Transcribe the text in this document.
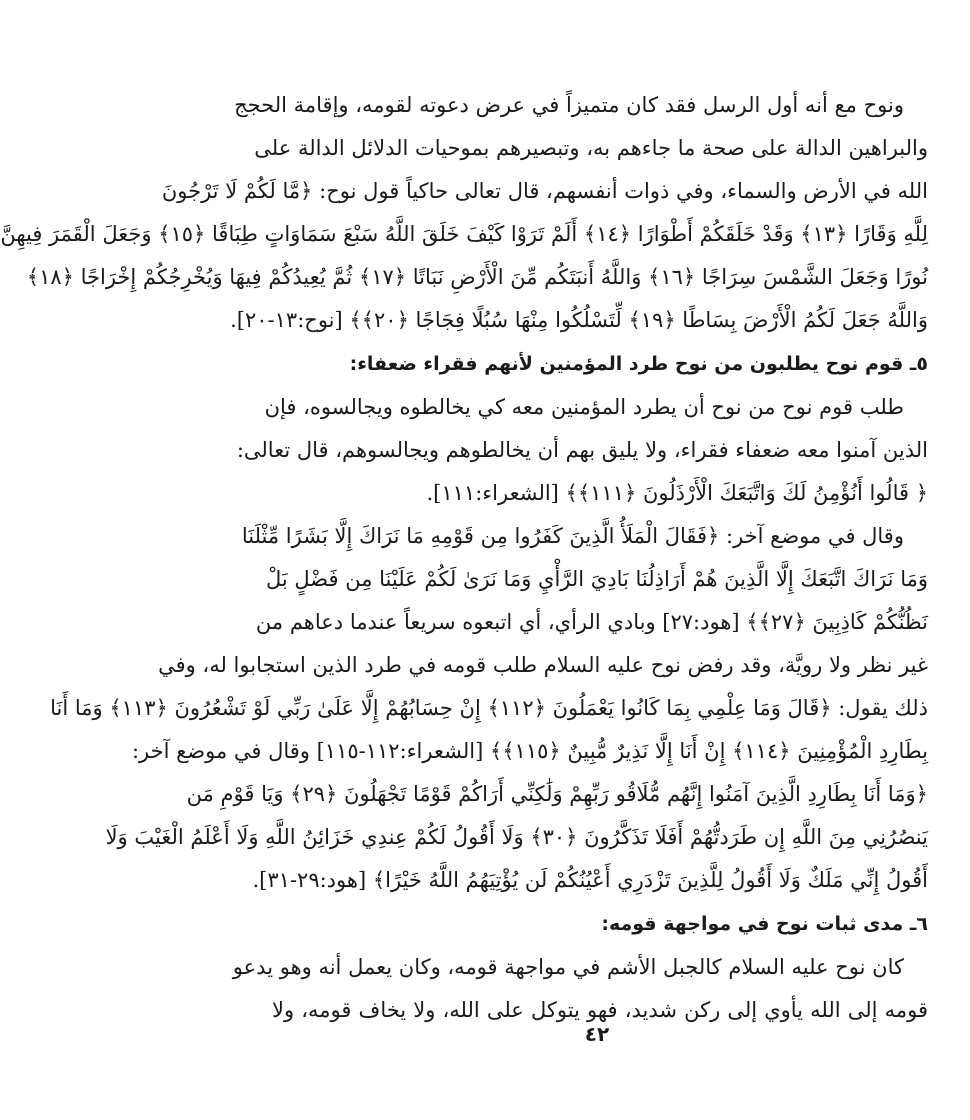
ونوح مع أنه أول الرسل فقد كان متميزاً في عرض دعوته لقومه، وإقامة الحجج
والبراهين الدالة على صحة ما جاءهم به، وتبصيرهم بموحيات الدلائل الدالة على
الله في الأرض والسماء، وفي ذوات أنفسهم، قال تعالى حاكياً قول نوح: ﴿مَّا لَكُمْ لَا تَرْجُونَ
لِلَّهِ وَقَارًا ﴿١٣﴾ وَقَدْ خَلَقَكُمْ أَطْوَارًا ﴿١٤﴾ أَلَمْ تَرَوْا كَيْفَ خَلَقَ اللَّهُ سَبْعَ سَمَاوَاتٍ طِبَاقًا ﴿١٥﴾ وَجَعَلَ الْقَمَرَ فِيهِنَّ
نُورًا وَجَعَلَ الشَّمْسَ سِرَاجًا ﴿١٦﴾ وَاللَّهُ أَنبَتَكُم مِّنَ الْأَرْضِ نَبَاتًا ﴿١٧﴾ ثُمَّ يُعِيدُكُمْ فِيهَا وَيُخْرِجُكُمْ إِخْرَاجًا ﴿١٨﴾
وَاللَّهُ جَعَلَ لَكُمُ الْأَرْضَ بِسَاطًا ﴿١٩﴾ لِّتَسْلُكُوا مِنْهَا سُبُلًا فِجَاجًا ﴿٢٠﴾﴾ [نوح:١٣-٢٠].
٥ـ قوم نوح يطلبون من نوح طرد المؤمنين لأنهم فقراء ضعفاء:
طلب قوم نوح من نوح أن يطرد المؤمنين معه كي يخالطوه ويجالسوه، فإن
الذين آمنوا معه ضعفاء فقراء، ولا يليق بهم أن يخالطوهم ويجالسوهم، قال تعالى:
﴿ قَالُوا أَنُؤْمِنُ لَكَ وَاتَّبَعَكَ الْأَرْذَلُونَ ﴿١١١﴾﴾ [الشعراء:١١١].
وقال في موضع آخر: ﴿فَقَالَ الْمَلَأُ الَّذِينَ كَفَرُوا مِن قَوْمِهِ مَا نَرَاكَ إِلَّا بَشَرًا مِّثْلَنَا
وَمَا نَرَاكَ اتَّبَعَكَ إِلَّا الَّذِينَ هُمْ أَرَاذِلُنَا بَادِيَ الرَّأْيِ وَمَا نَرَىٰ لَكُمْ عَلَيْنَا مِن فَضْلٍ بَلْ
نَظُنُّكُمْ كَاذِبِينَ ﴿٢٧﴾﴾ [هود:٢٧] وبادي الرأي، أي اتبعوه سريعاً عندما دعاهم من
غير نظر ولا رويَّة، وقد رفض نوح عليه السلام طلب قومه في طرد الذين استجابوا له، وفي
ذلك يقول: ﴿قَالَ وَمَا عِلْمِي بِمَا كَانُوا يَعْمَلُونَ ﴿١١٢﴾ إِنْ حِسَابُهُمْ إِلَّا عَلَىٰ رَبِّي لَوْ تَشْعُرُونَ ﴿١١٣﴾ وَمَا أَنَا
بِطَارِدِ الْمُؤْمِنِينَ ﴿١١٤﴾ إِنْ أَنَا إِلَّا نَذِيرٌ مُّبِينٌ ﴿١١٥﴾﴾ [الشعراء:١١٢-١١٥] وقال في موضع آخر:
﴿وَمَا أَنَا بِطَارِدِ الَّذِينَ آمَنُوا إِنَّهُم مُّلَاقُو رَبِّهِمْ وَلَٰكِنِّي أَرَاكُمْ قَوْمًا تَجْهَلُونَ ﴿٢٩﴾ وَيَا قَوْمِ مَن
يَنصُرُنِي مِنَ اللَّهِ إِن طَرَدتُّهُمْ أَفَلَا تَذَكَّرُونَ ﴿٣٠﴾ وَلَا أَقُولُ لَكُمْ عِندِي خَزَائِنُ اللَّهِ وَلَا أَعْلَمُ الْغَيْبَ وَلَا
أَقُولُ إِنِّي مَلَكٌ وَلَا أَقُولُ لِلَّذِينَ تَزْدَرِي أَعْيُنُكُمْ لَن يُؤْتِيَهُمُ اللَّهُ خَيْرًا﴾ [هود:٢٩-٣١].
٦ـ مدى ثبات نوح في مواجهة قومه:
كان نوح عليه السلام كالجبل الأشم في مواجهة قومه، وكان يعمل أنه وهو يدعو
قومه إلى الله يأوي إلى ركن شديد، فهو يتوكل على الله، ولا يخاف قومه، ولا
٤٢
